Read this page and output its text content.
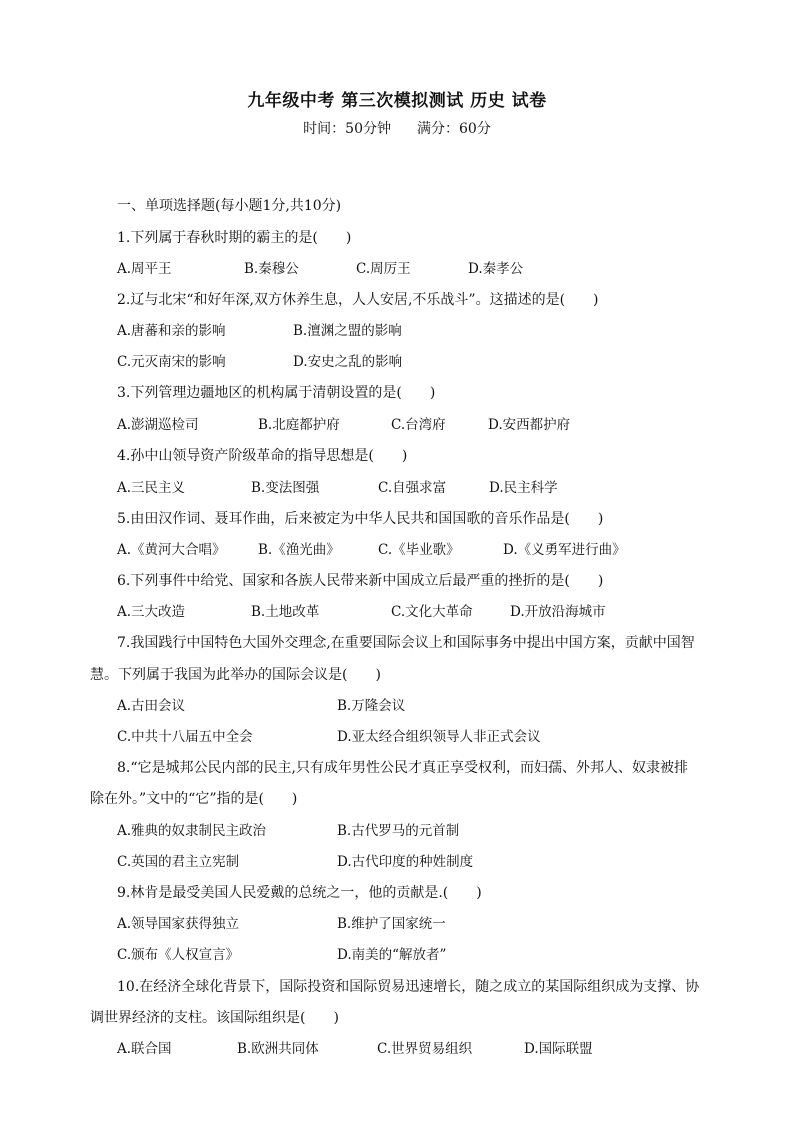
九年级中考 第三次模拟测试 历史 试卷
时间：50分钟 满分：60分
一、单项选择题(每小题1分,共10分)
1.下列属于春秋时期的霸主的是(　　)
A.周平王	B.秦穆公	C.周厉王	D.秦孝公
2.辽与北宋“和好年深,双方休养生息，人人安居,不乐战斗”。这描述的是(　　)
A.唐蕃和亲的影响	B.澶渊之盟的影响
C.元灭南宋的影响	D.安史之乱的影响
3.下列管理边疆地区的机构属于清朝设置的是(　　)
A.澎湖巡检司	B.北庭都护府	C.台湾府	D.安西都护府
4.孙中山领导资产阶级革命的指导思想是(　　)
A.三民主义	B.变法图强	C.自强求富	D.民主科学
5.由田汉作词、聂耳作曲，后来被定为中华人民共和国国歌的音乐作品是(　　)
A.《黄河大合唱》 B.《渔光曲》	C.《毕业歌》	D.《义勇军进行曲》
6.下列事件中给党、国家和各族人民带来新中国成立后最严重的挫折的是(　　)
A.三大改造	B.土地改革	C.文化大革命	D.开放沿海城市
7.我国践行中国特色大国外交理念,在重要国际会议上和国际事务中提出中国方案，贡献中国智
慧。下列属于我国为此举办的国际会议是(　　)
A.古田会议	B.万隆会议
C.中共十八届五中全会	D.亚太经合组织领导人非正式会议
8.“它是城邦公民内部的民主,只有成年男性公民才真正享受权利，而妇孺、外邦人、奴隶被排
除在外。”文中的“它”指的是(　　)
A.雅典的奴隶制民主政治	B.古代罗马的元首制
C.英国的君主立宪制	D.古代印度的种姓制度
9.林肯是最受美国人民爱戴的总统之一，他的贡献是.(　　)
A.领导国家获得独立	B.维护了国家统一
C.颁布《人权宣言》	D.南美的“解放者”
10.在经济全球化背景下，国际投资和国际贸易迅速增长，随之成立的某国际组织成为支撑、协
调世界经济的支柱。该国际组织是(　　)
A.联合国	B.欧洲共同体	C.世界贸易组织	D.国际联盟
